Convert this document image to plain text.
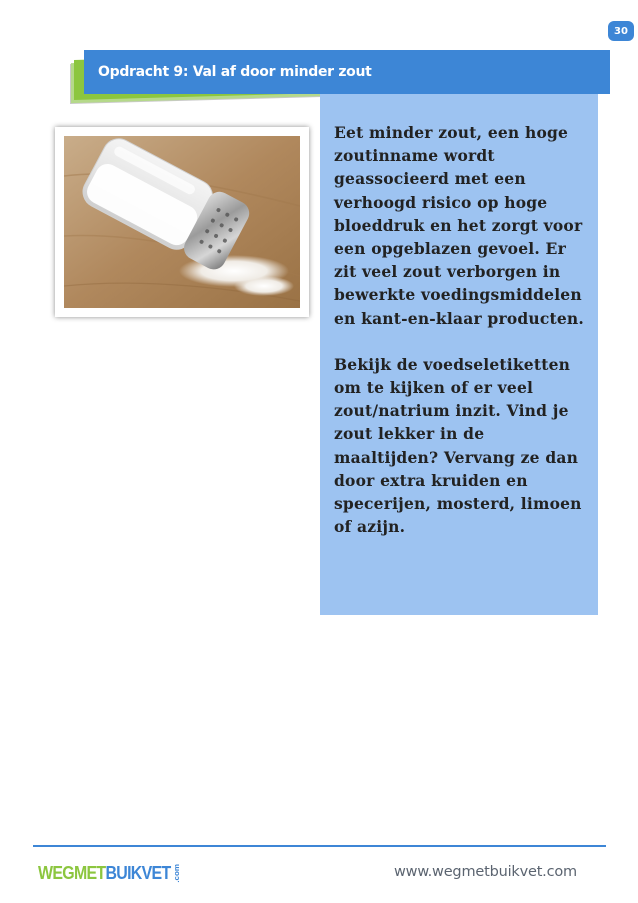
30
Opdracht 9: Val af door minder zout

Eet minder zout, een hoge zoutinname wordt geassocieerd met een verhoogd risico op hoge bloeddruk en het zorgt voor een opgeblazen gevoel. Er zit veel zout verborgen in bewerkte voedingsmiddelen en kant-en-klaar producten.

Bekijk de voedseletiketten om te kijken of er veel zout/natrium inzit. Vind je zout lekker in de maaltijden? Vervang ze dan door extra kruiden en specerijen, mosterd, limoen of azijn.

WEGMET BUIKVET .com	www.wegmetbuikvet.com
